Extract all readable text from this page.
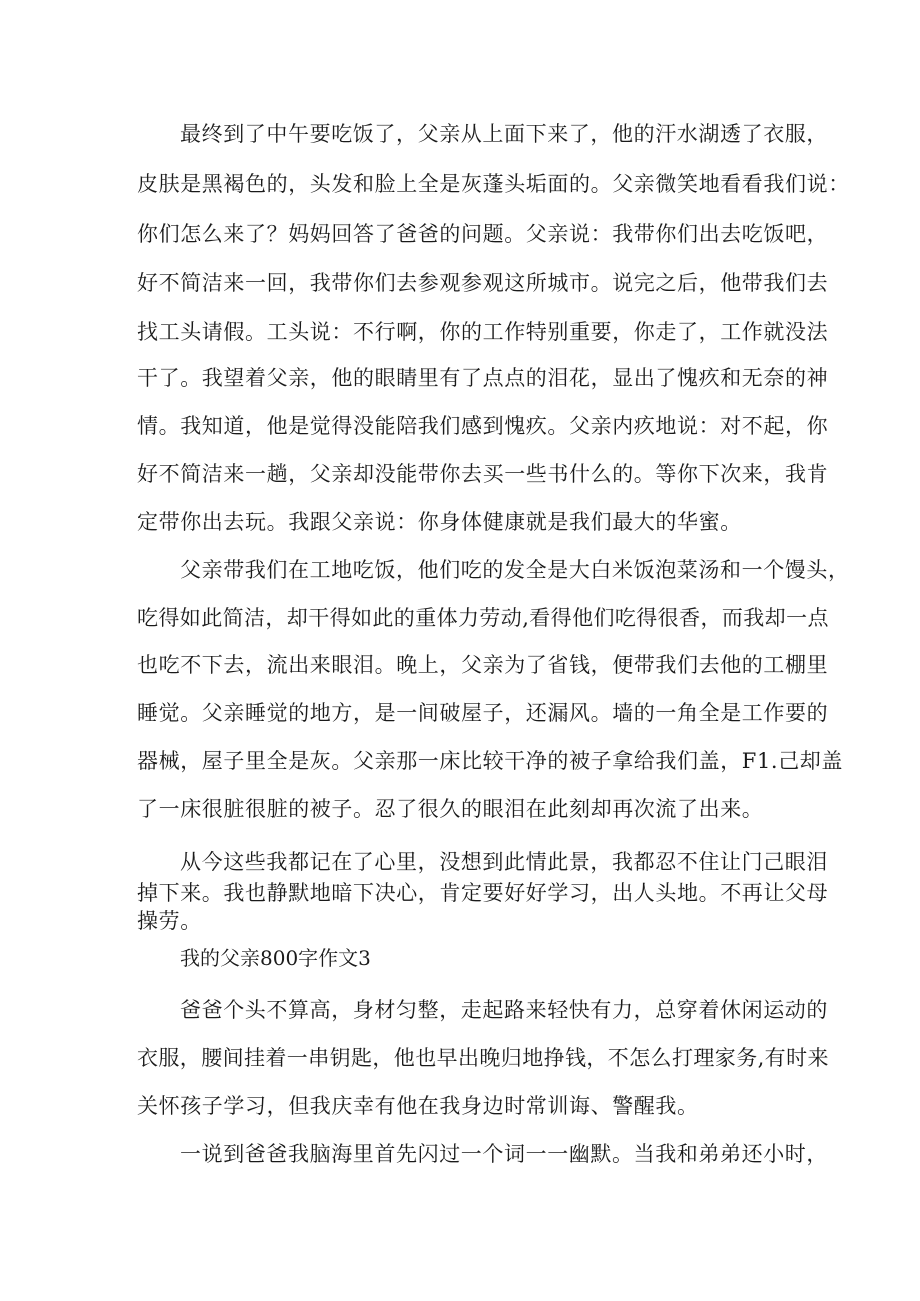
最终到了中午要吃饭了，父亲从上面下来了，他的汗水湖透了衣服，
皮肤是黑褐色的，头发和脸上全是灰蓬头垢面的。父亲微笑地看看我们说：
你们怎么来了？妈妈回答了爸爸的问题。父亲说：我带你们出去吃饭吧，
好不简洁来一回，我带你们去参观参观这所城市。说完之后，他带我们去
找工头请假。工头说：不行啊，你的工作特别重要，你走了，工作就没法
干了。我望着父亲，他的眼睛里有了点点的泪花，显出了愧疚和无奈的神
情。我知道，他是觉得没能陪我们感到愧疚。父亲内疚地说：对不起，你
好不简洁来一趟，父亲却没能带你去买一些书什么的。等你下次来，我肯
定带你出去玩。我跟父亲说：你身体健康就是我们最大的华蜜。
父亲带我们在工地吃饭，他们吃的发全是大白米饭泡菜汤和一个馒头，
吃得如此简洁，却干得如此的重体力劳动,看得他们吃得很香，而我却一点
也吃不下去，流出来眼泪。晚上，父亲为了省钱，便带我们去他的工棚里
睡觉。父亲睡觉的地方，是一间破屋子，还漏风。墙的一角全是工作要的
器械，屋子里全是灰。父亲那一床比较干净的被子拿给我们盖，F1.己却盖
了一床很脏很脏的被子。忍了很久的眼泪在此刻却再次流了出来。
从今这些我都记在了心里，没想到此情此景，我都忍不住让门己眼泪
掉下来。我也静默地暗下决心，肯定要好好学习，出人头地。不再让父母
操劳。
我的父亲800字作文3
爸爸个头不算高，身材匀整，走起路来轻快有力，总穿着休闲运动的
衣服，腰间挂着一串钥匙，他也早出晚归地挣钱，不怎么打理家务,有时来
关怀孩子学习，但我庆幸有他在我身边时常训诲、警醒我。
一说到爸爸我脑海里首先闪过一个词一一幽默。当我和弟弟还小时，
